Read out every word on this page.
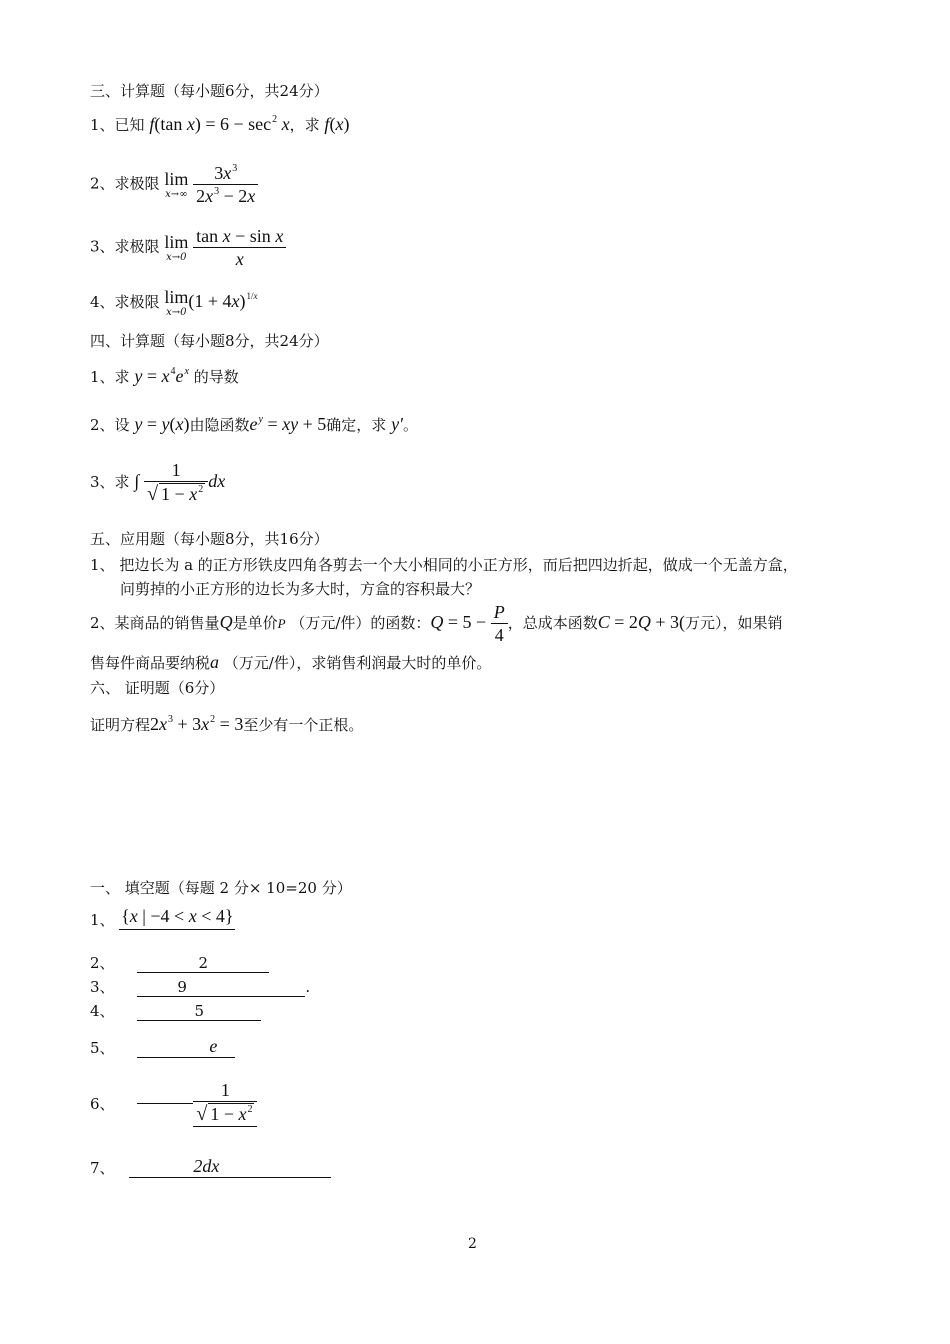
三、计算题（每小题6分，共24分）
1、已知 f(tan $x) = 6 - \sec^2 x$，求 f(x)
2、求极限 lim
x→∞
$\frac{3x^3}{2x^3 - 2x}$
3、求极限 lim
x→0
$\frac{\text{tan x − sin x}}{x}$
4、求极限 lim
x→0
$(1 + 4x)^{1/x}$
四、计算题（每小题8分，共24分）
1、求 $y = x^4e^x$ 的导数
2、设 y = y(x)由隐函数$e^y$ = xy + 5确定，求 y′。
3、求 ∫ $\frac{1}{√ 1 - x^2}$ dx
五、应用题（每小题8分，共16分）
1、 把边长为 a 的正方形铁皮四角各剪去一个大小相同的小正方形，而后把四边折起，做成一个无盖方盒，
问剪掉的小正方形的边长为多大时，方盒的容积最大？
2、某商品的销售量Q是单价P （万元/件）的函数：$Q = 5 - \frac{P}{4}$ ，总成本函数C = 2Q + 3(万元），如果销
售每件商品要纳税a （万元/件），求销售利润最大时的单价。
六、 证明题（6分）
证明方程$2x^3 + 3x^2 = 3$至少有一个正根。
一、 填空题（每题 2 分× 10=20 分）
1、 {x | −4 < x < 4}
2、	2
3、	9	.
4、	5
5、	e
6、	$\frac{1}{√ 1 - x^2}$
7、	2dx
2
